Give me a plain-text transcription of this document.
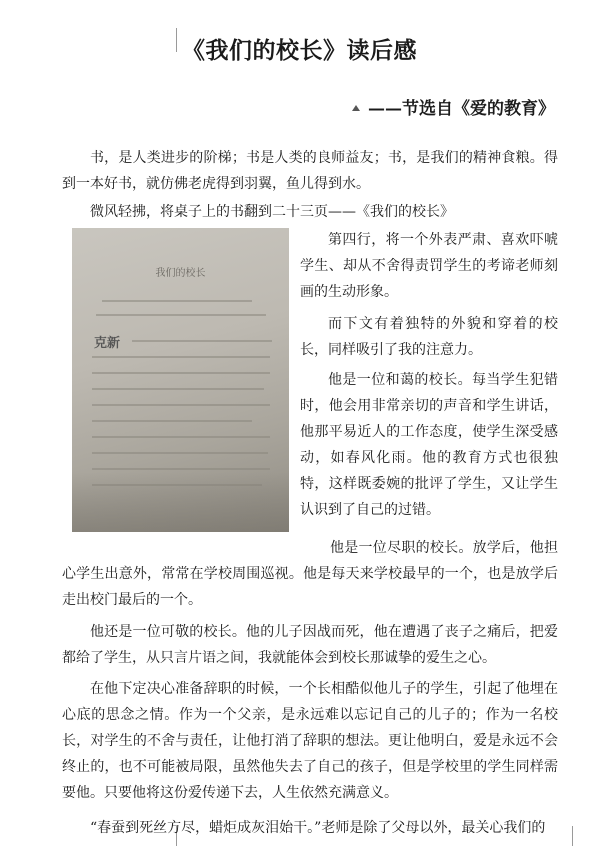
《我们的校长》读后感
——节选自《爱的教育》

书，是人类进步的阶梯；书是人类的良师益友；书，是我们的精神食粮。得到一本好书，就仿佛老虎得到羽翼，鱼儿得到水。

微风轻拂，将桌子上的书翻到二十三页——《我们的校长》

我们的校长
克新

第四行，将一个外表严肃、喜欢吓唬学生、却从不舍得责罚学生的考谛老师刻画的生动形象。

而下文有着独特的外貌和穿着的校长，同样吸引了我的注意力。

他是一位和蔼的校长。每当学生犯错时，他会用非常亲切的声音和学生讲话，他那平易近人的工作态度，使学生深受感动，如春风化雨。他的教育方式也很独特，这样既委婉的批评了学生，又让学生认识到了自己的过错。

他是一位尽职的校长。放学后，他担心学生出意外，常常在学校周围巡视。他是每天来学校最早的一个，也是放学后走出校门最后的一个。

他还是一位可敬的校长。他的儿子因战而死，他在遭遇了丧子之痛后，把爱都给了学生，从只言片语之间，我就能体会到校长那诚挚的爱生之心。

在他下定决心准备辞职的时候，一个长相酷似他儿子的学生，引起了他埋在心底的思念之情。作为一个父亲，是永远难以忘记自己的儿子的；作为一名校长，对学生的不舍与责任，让他打消了辞职的想法。更让他明白，爱是永远不会终止的，也不可能被局限，虽然他失去了自己的孩子，但是学校里的学生同样需要他。只要他将这份爱传递下去，人生依然充满意义。

“春蚕到死丝方尽，蜡炬成灰泪始干。”老师是除了父母以外，最关心我们的
